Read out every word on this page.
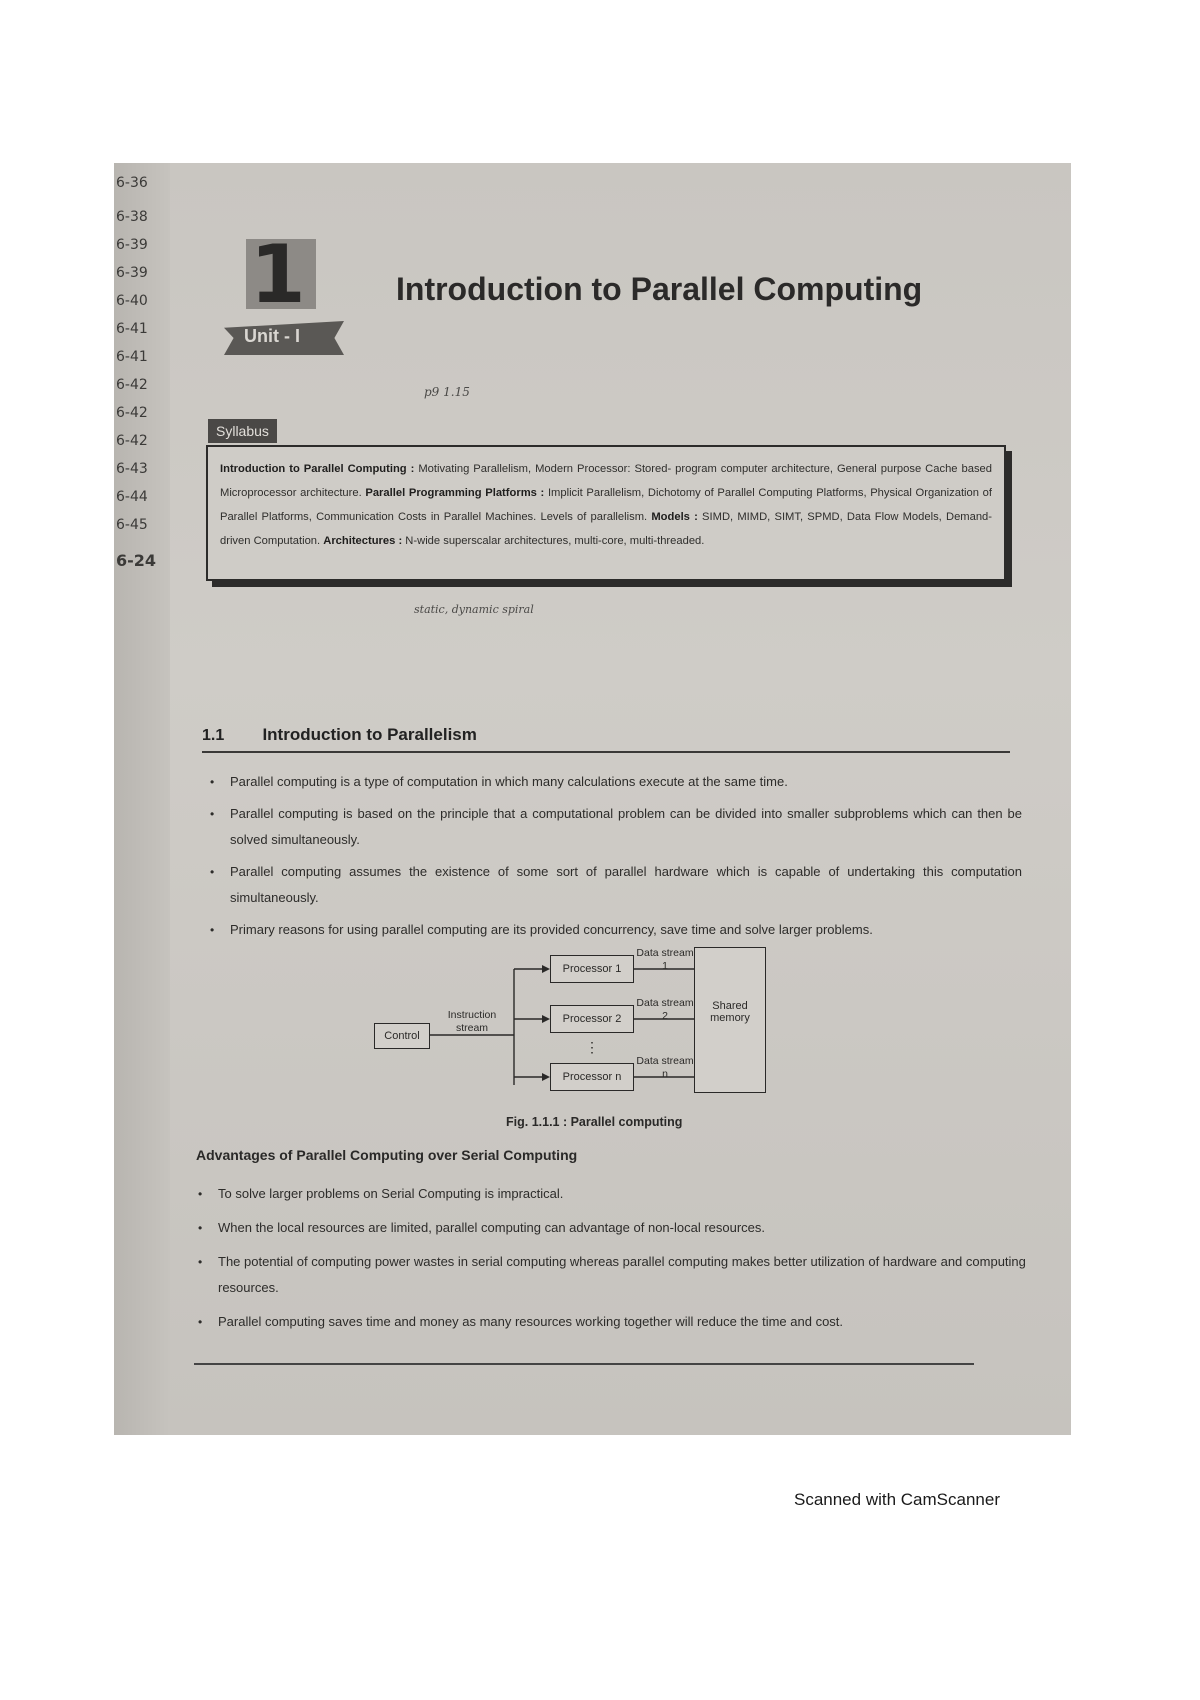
6-36
6-38
6-39
6-39
6-40
6-41
6-41
6-42
6-42
6-42
6-43
6-44
6-45
6-24
1
Unit - I
Introduction to Parallel Computing
p9 1.15
Syllabus
Introduction to Parallel Computing : Motivating Parallelism, Modern Processor: Stored- program computer architecture, General purpose Cache based Microprocessor architecture. Parallel Programming Platforms : Implicit Parallelism, Dichotomy of Parallel Computing Platforms, Physical Organization of Parallel Platforms, Communication Costs in Parallel Machines. Levels of parallelism. Models : SIMD, MIMD, SIMT, SPMD, Data Flow Models, Demand-driven Computation. Architectures : N-wide superscalar architectures, multi-core, multi-threaded.
static, dynamic spiral
1.1 Introduction to Parallelism
• Parallel computing is a type of computation in which many calculations execute at the same time.
• Parallel computing is based on the principle that a computational problem can be divided into smaller subproblems which can then be solved simultaneously.
• Parallel computing assumes the existence of some sort of parallel hardware which is capable of undertaking this computation simultaneously.
• Primary reasons for using parallel computing are its provided concurrency, save time and solve larger problems.
Control
Instruction stream
Processor 1
Processor 2
⋮
Processor n
Data stream 1
Data stream 2
Data stream n
Shared memory
Fig. 1.1.1 : Parallel computing
Advantages of Parallel Computing over Serial Computing
• To solve larger problems on Serial Computing is impractical.
• When the local resources are limited, parallel computing can advantage of non-local resources.
• The potential of computing power wastes in serial computing whereas parallel computing makes better utilization of hardware and computing resources.
• Parallel computing saves time and money as many resources working together will reduce the time and cost.
Scanned with CamScanner
